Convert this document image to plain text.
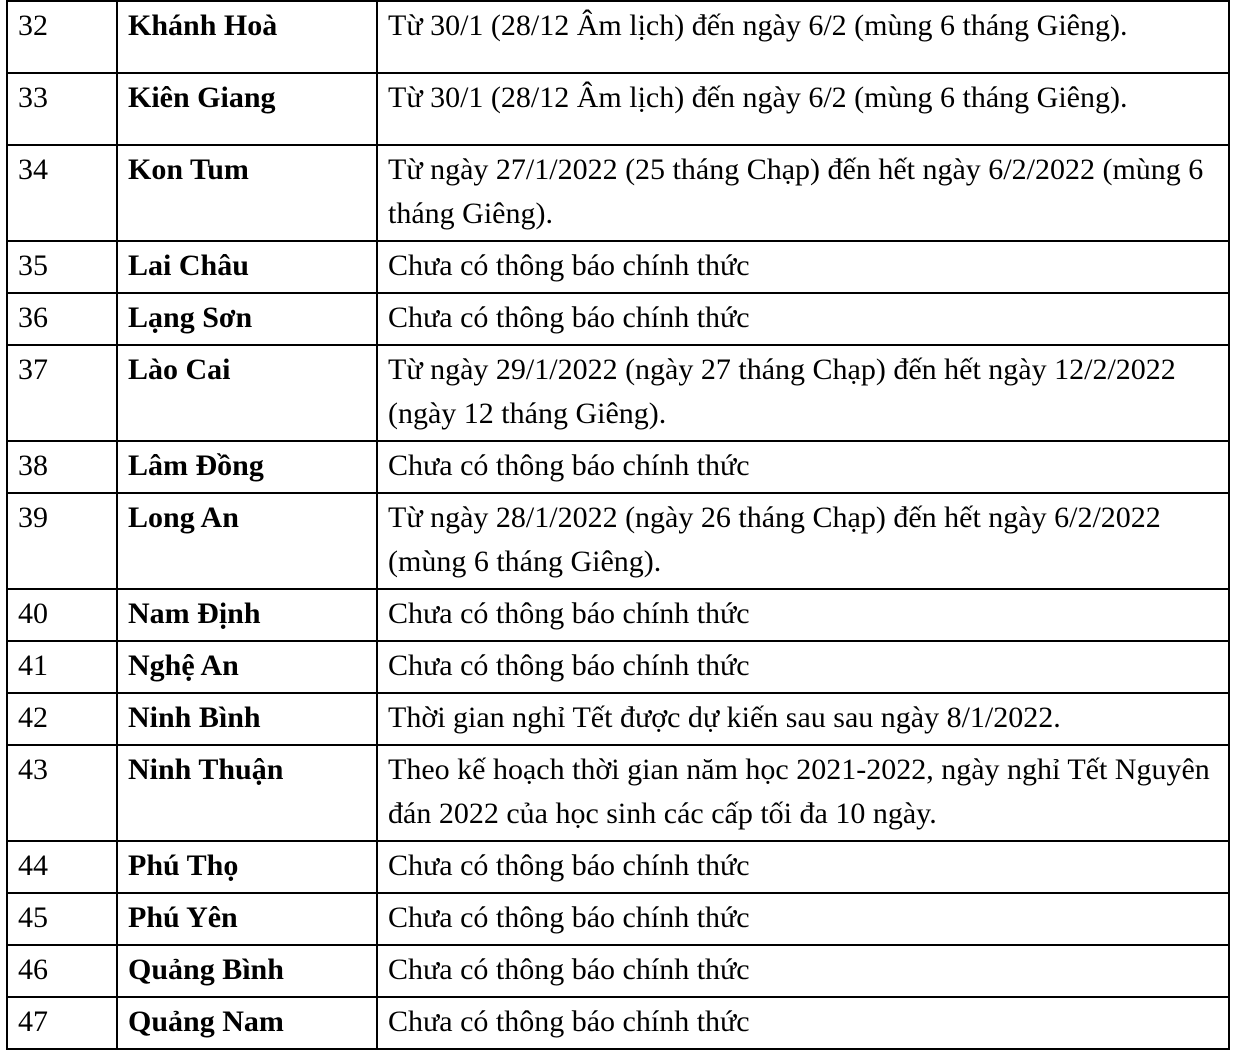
32	Khánh Hoà	Từ 30/1 (28/12 Âm lịch) đến ngày 6/2 (mùng 6 tháng Giêng).
33	Kiên Giang	Từ 30/1 (28/12 Âm lịch) đến ngày 6/2 (mùng 6 tháng Giêng).
34	Kon Tum	Từ ngày 27/1/2022 (25 tháng Chạp) đến hết ngày 6/2/2022 (mùng 6 tháng Giêng).
35	Lai Châu	Chưa có thông báo chính thức
36	Lạng Sơn	Chưa có thông báo chính thức
37	Lào Cai	Từ ngày 29/1/2022 (ngày 27 tháng Chạp) đến hết ngày 12/2/2022 (ngày 12 tháng Giêng).
38	Lâm Đồng	Chưa có thông báo chính thức
39	Long An	Từ ngày 28/1/2022 (ngày 26 tháng Chạp) đến hết ngày 6/2/2022 (mùng 6 tháng Giêng).
40	Nam Định	Chưa có thông báo chính thức
41	Nghệ An	Chưa có thông báo chính thức
42	Ninh Bình	Thời gian nghỉ Tết được dự kiến sau sau ngày 8/1/2022.
43	Ninh Thuận	Theo kế hoạch thời gian năm học 2021-2022, ngày nghỉ Tết Nguyên đán 2022 của học sinh các cấp tối đa 10 ngày.
44	Phú Thọ	Chưa có thông báo chính thức
45	Phú Yên	Chưa có thông báo chính thức
46	Quảng Bình	Chưa có thông báo chính thức
47	Quảng Nam	Chưa có thông báo chính thức
